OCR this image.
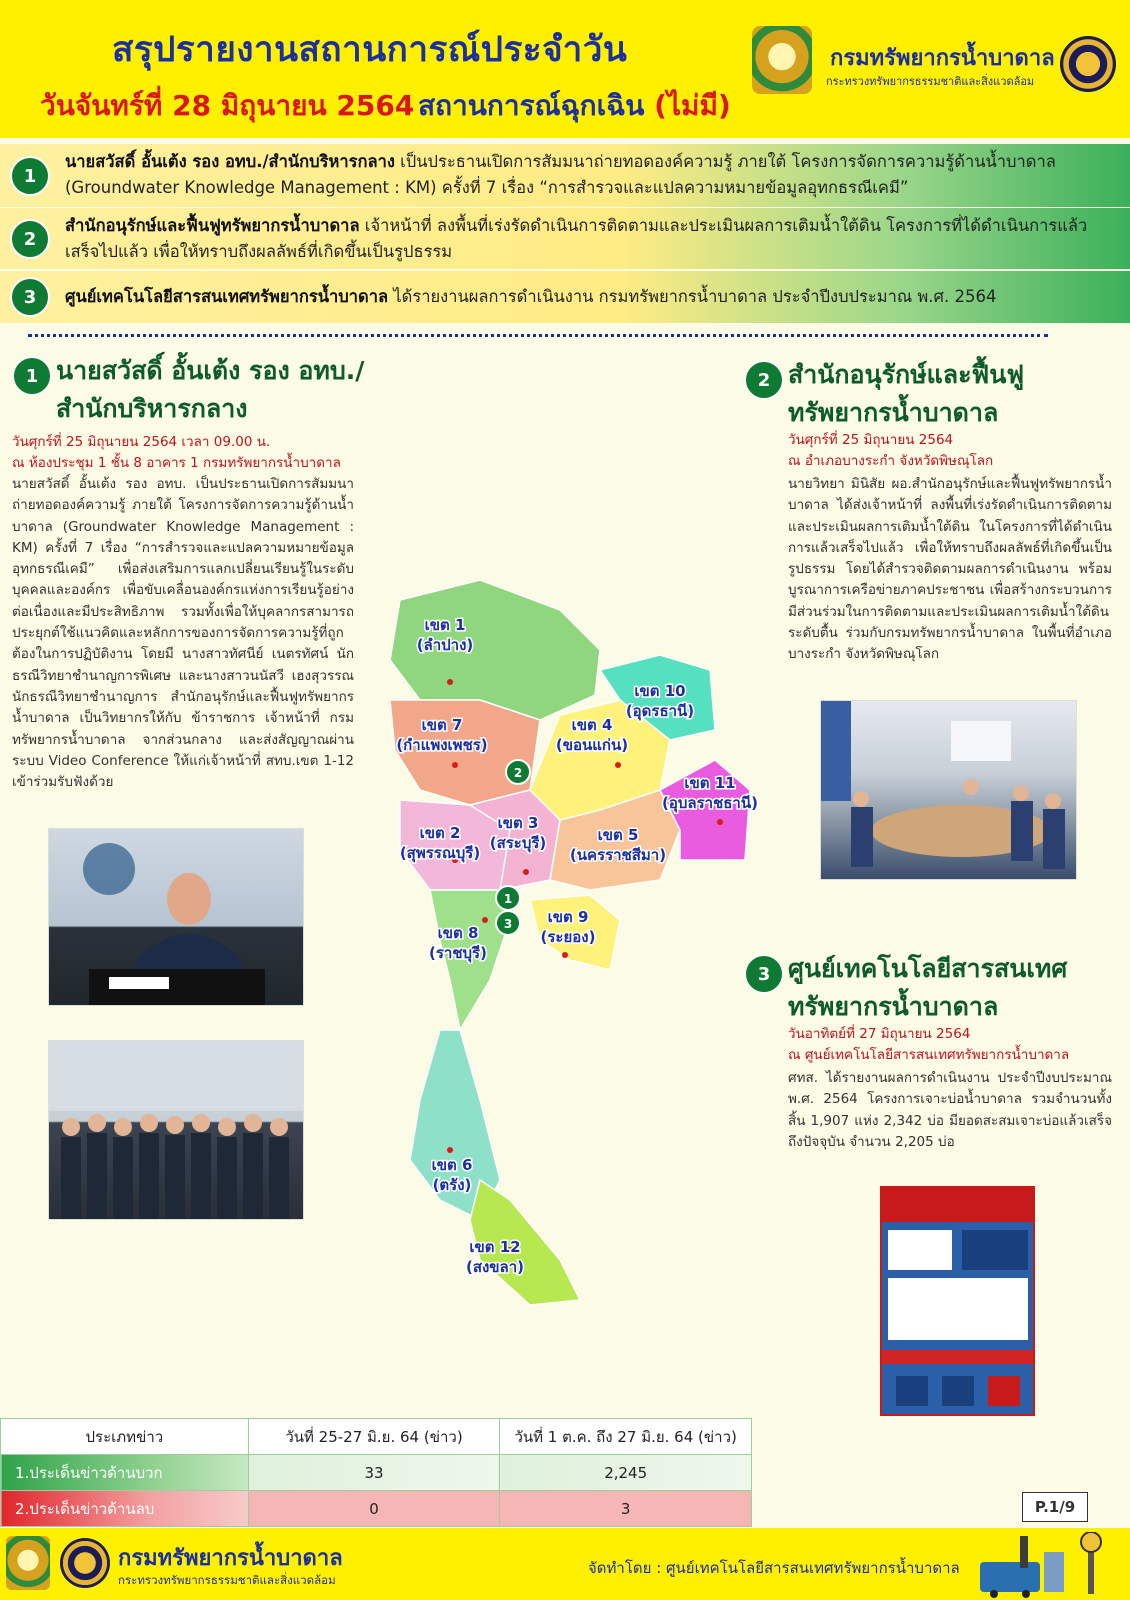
สรุปรายงานสถานการณ์ประจำวัน
วันจันทร์ที่ 28 มิถุนายน 2564 สถานการณ์ฉุกเฉิน (ไม่มี)
กรมทรัพยากรน้ำบาดาล
กระทรวงทรัพยากรธรรมชาติและสิ่งแวดล้อม
1
นายสวัสดิ์ อั้นเต้ง รอง อทบ./สำนักบริหารกลาง เป็นประธานเปิดการสัมมนาถ่ายทอดองค์ความรู้ ภายใต้ โครงการจัดการความรู้ด้านน้ำบาดาล (Groundwater Knowledge Management : KM) ครั้งที่ 7 เรื่อง “การสำรวจและแปลความหมายข้อมูลอุทกธรณีเคมี”
2
สำนักอนุรักษ์และฟื้นฟูทรัพยากรน้ำบาดาล เจ้าหน้าที่ ลงพื้นที่เร่งรัดดำเนินการติดตามและประเมินผลการเติมน้ำใต้ดิน โครงการที่ได้ดำเนินการแล้วเสร็จไปแล้ว เพื่อให้ทราบถึงผลลัพธ์ที่เกิดขึ้นเป็นรูปธรรม
3	ศูนย์เทคโนโลยีสารสนเทศทรัพยากรน้ำบาดาล ได้รายงานผลการดำเนินงาน กรมทรัพยากรน้ำบาดาล ประจำปีงบประมาณ พ.ศ. 2564
1 นายสวัสดิ์ อั้นเต้ง รอง อทบ./
สำนักบริหารกลาง
วันศุกร์ที่ 25 มิถุนายน 2564 เวลา 09.00 น.
ณ ห้องประชุม 1 ชั้น 8 อาคาร 1 กรมทรัพยากรน้ำบาดาล
นายสวัสดิ์ อั้นเต้ง รอง อทบ. เป็นประธานเปิดการสัมมนาถ่ายทอดองค์ความรู้ ภายใต้ โครงการจัดการความรู้ด้านน้ำบาดาล (Groundwater Knowledge Management : KM) ครั้งที่ 7 เรื่อง “การสำรวจและแปลความหมายข้อมูลอุทกธรณีเคมี” เพื่อส่งเสริมการแลกเปลี่ยนเรียนรู้ในระดับบุคคลและองค์กร เพื่อขับเคลื่อนองค์กรแห่งการเรียนรู้อย่างต่อเนื่องและมีประสิทธิภาพ รวมทั้งเพื่อให้บุคลากรสามารถประยุกต์ใช้แนวคิดและหลักการของการจัดการความรู้ที่ถูกต้องในการปฏิบัติงาน โดยมี นางสาวทัศนีย์ เนตรทัศน์ นักธรณีวิทยาชำนาญการพิเศษ และนางสาวนนัสวี เฮงสุวรรณ นักธรณีวิทยาชำนาญการ สำนักอนุรักษ์และฟื้นฟูทรัพยากรน้ำบาดาล เป็นวิทยากรให้กับ ข้าราชการ เจ้าหน้าที่ กรมทรัพยากรน้ำบาดาล จากส่วนกลาง และส่งสัญญาณผ่านระบบ Video Conference ให้แก่เจ้าหน้าที่ สทบ.เขต 1-12 เข้าร่วมรับฟังด้วย
เขต 1 (ลำปาง)
เขต 2 (สุพรรณบุรี)
เขต 3 (สระบุรี)
เขต 4 (ขอนแก่น)
เขต 5 (นครราชสีมา)
เขต 6 (ตรัง)
เขต 7 (กำแพงเพชร)
เขต 8 (ราชบุรี)
เขต 9 (ระยอง)
เขต 10 (อุดรธานี)
เขต 11 (อุบลราชธานี)
เขต 12 (สงขลา)
1
2
3
2 สำนักอนุรักษ์และฟื้นฟู
ทรัพยากรน้ำบาดาล
วันศุกร์ที่ 25 มิถุนายน 2564
ณ อำเภอบางระกำ จังหวัดพิษณุโลก
นายวิทยา มินิสัย ผอ.สำนักอนุรักษ์และฟื้นฟูทรัพยากรน้ำบาดาล ได้ส่งเจ้าหน้าที่ ลงพื้นที่เร่งรัดดำเนินการติดตามและประเมินผลการเติมน้ำใต้ดิน ในโครงการที่ได้ดำเนินการแล้วเสร็จไปแล้ว เพื่อให้ทราบถึงผลลัพธ์ที่เกิดขึ้นเป็นรูปธรรม โดยได้สำรวจติดตามผลการดำเนินงาน พร้อมบูรณาการเครือข่ายภาคประชาชน เพื่อสร้างกระบวนการมีส่วนร่วมในการติดตามและประเมินผลการเติมน้ำใต้ดินระดับตื้น ร่วมกับกรมทรัพยากรน้ำบาดาล ในพื้นที่อำเภอบางระกำ จังหวัดพิษณุโลก
3 ศูนย์เทคโนโลยีสารสนเทศ
ทรัพยากรน้ำบาดาล
วันอาทิตย์ที่ 27 มิถุนายน 2564
ณ ศูนย์เทคโนโลยีสารสนเทศทรัพยากรน้ำบาดาล
ศทส. ได้รายงานผลการดำเนินงาน ประจำปีงบประมาณ พ.ศ. 2564 โครงการเจาะบ่อน้ำบาดาล รวมจำนวนทั้งสิ้น 1,907 แห่ง 2,342 บ่อ มียอดสะสมเจาะบ่อแล้วเสร็จถึงปัจจุบัน จำนวน 2,205 บ่อ
ประเภทข่าว	วันที่ 25-27 มิ.ย. 64 (ข่าว)	วันที่ 1 ต.ค. ถึง 27 มิ.ย. 64 (ข่าว)
1.ประเด็นข่าวด้านบวก	33	2,245
2.ประเด็นข่าวด้านลบ	0	3	P.1/9
กรมทรัพยากรน้ำบาดาล
กระทรวงทรัพยากรธรรมชาติและสิ่งแวดล้อม
จัดทำโดย : ศูนย์เทคโนโลยีสารสนเทศทรัพยากรน้ำบาดาล
